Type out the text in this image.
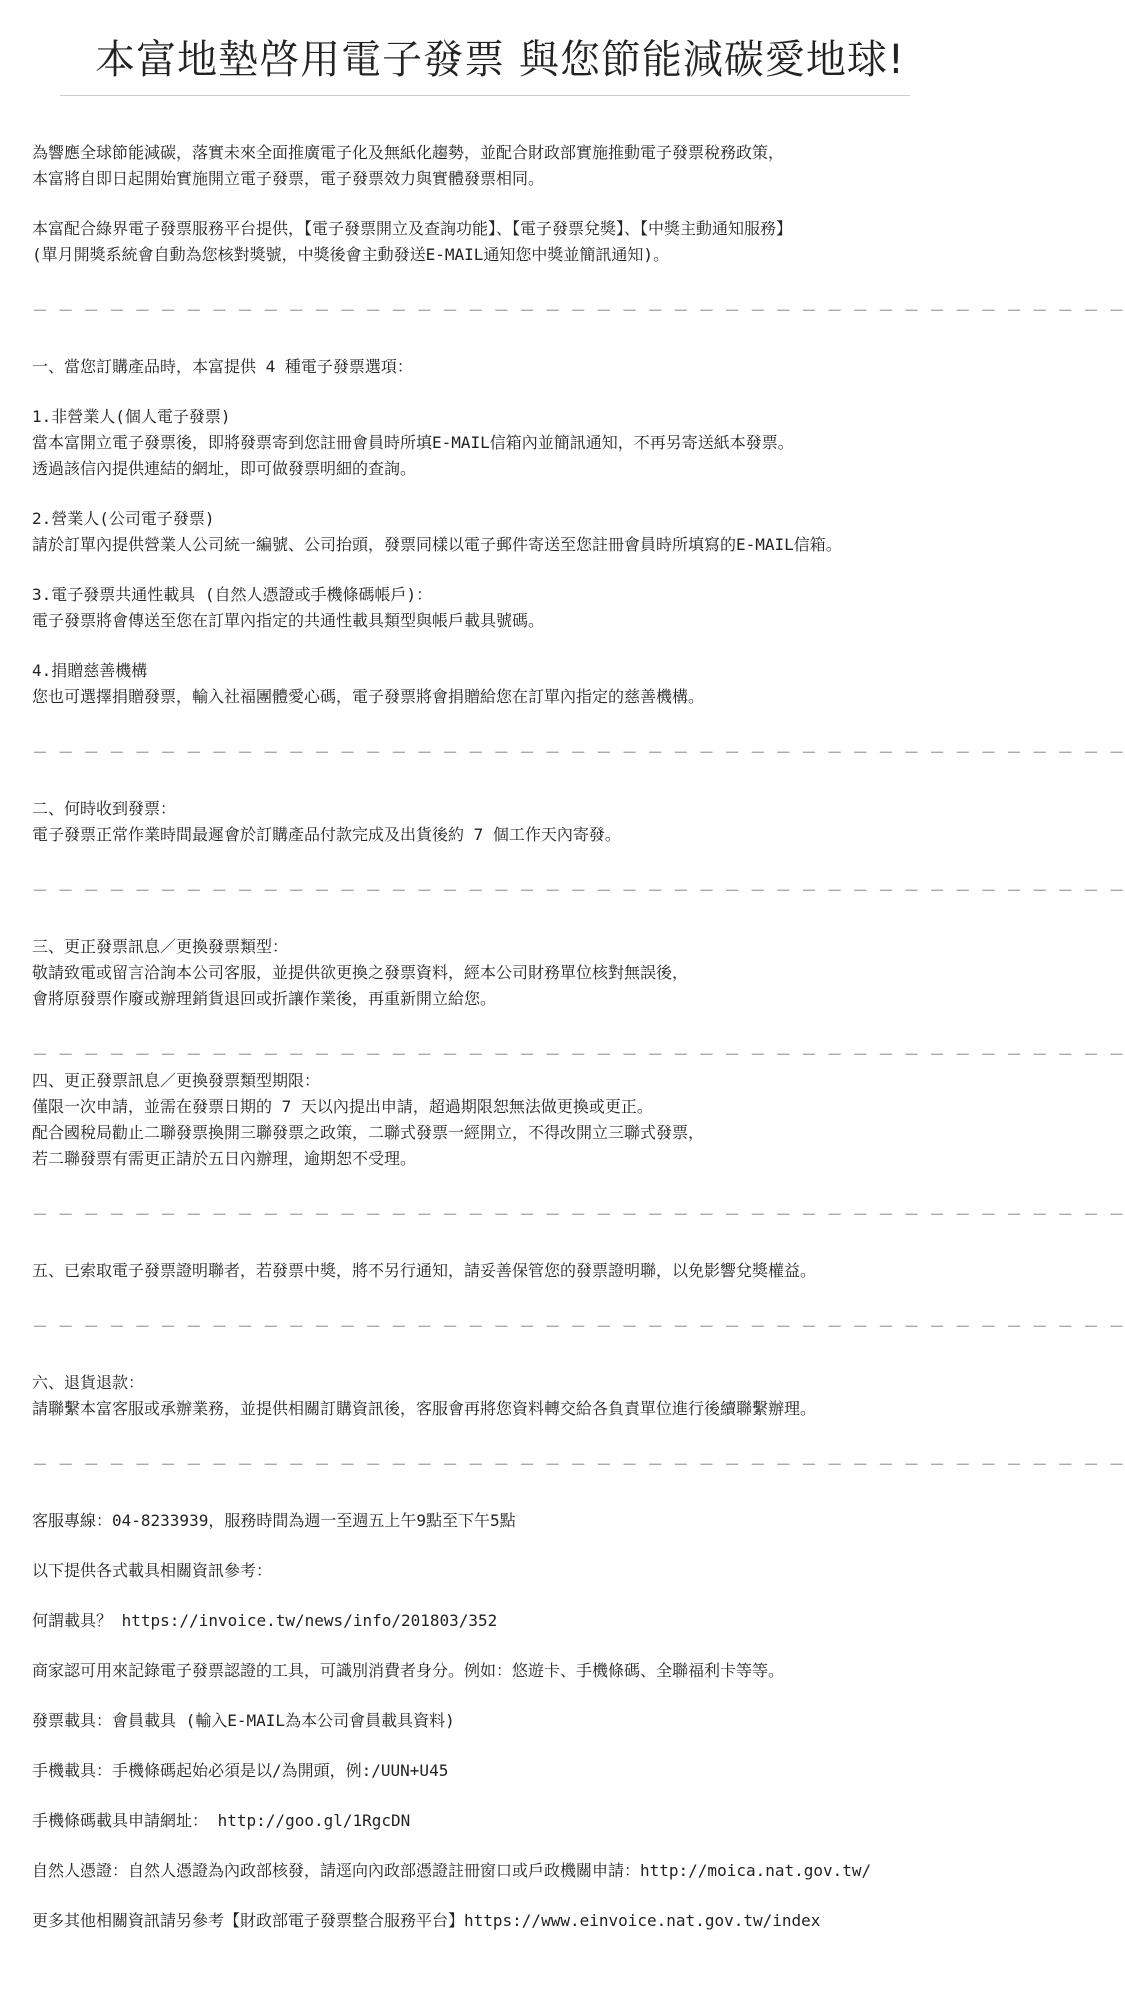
本富地墊啓用電子發票 與您節能減碳愛地球!

為響應全球節能減碳，落實未來全面推廣電子化及無紙化趨勢，並配合財政部實施推動電子發票稅務政策，

本富將自即日起開始實施開立電子發票，電子發票效力與實體發票相同。

本富配合綠界電子發票服務平台提供，【電子發票開立及查詢功能】、【電子發票兌獎】、【中獎主動通知服務】

(單月開獎系統會自動為您核對獎號，中獎後會主動發送E-MAIL通知您中獎並簡訊通知)。

－ － － － － － － － － － － － － － － － － － － － － － － － － － － － － － － － － － － － － － － － － － －

一、當您訂購產品時，本富提供 4 種電子發票選項：

1.非營業人(個人電子發票)

當本富開立電子發票後，即將發票寄到您註冊會員時所填E-MAIL信箱內並簡訊通知，不再另寄送紙本發票。

透過該信內提供連結的網址，即可做發票明細的查詢。

2.營業人(公司電子發票)

請於訂單內提供營業人公司統一編號、公司抬頭，發票同樣以電子郵件寄送至您註冊會員時所填寫的E-MAIL信箱。

3.電子發票共通性載具 (自然人憑證或手機條碼帳戶)：

電子發票將會傳送至您在訂單內指定的共通性載具類型與帳戶載具號碼。

4.捐贈慈善機構

您也可選擇捐贈發票，輸入社福團體愛心碼，電子發票將會捐贈給您在訂單內指定的慈善機構。

－ － － － － － － － － － － － － － － － － － － － － － － － － － － － － － － － － － － － － － － － － － －

二、何時收到發票：

電子發票正常作業時間最遲會於訂購產品付款完成及出貨後約 7 個工作天內寄發。

－ － － － － － － － － － － － － － － － － － － － － － － － － － － － － － － － － － － － － － － － － － －

三、更正發票訊息／更換發票類型：

敬請致電或留言洽詢本公司客服，並提供欲更換之發票資料，經本公司財務單位核對無誤後，

會將原發票作廢或辦理銷貨退回或折讓作業後，再重新開立給您。

－ － － － － － － － － － － － － － － － － － － － － － － － － － － － － － － － － － － － － － － － － － －

四、更正發票訊息／更換發票類型期限：

僅限一次申請，並需在發票日期的 7 天以內提出申請，超過期限恕無法做更換或更正。

配合國稅局勸止二聯發票換開三聯發票之政策，二聯式發票一經開立，不得改開立三聯式發票，

若二聯發票有需更正請於五日內辦理，逾期恕不受理。

－ － － － － － － － － － － － － － － － － － － － － － － － － － － － － － － － － － － － － － － － － － －

五、已索取電子發票證明聯者，若發票中獎，將不另行通知，請妥善保管您的發票證明聯，以免影響兌獎權益。

－ － － － － － － － － － － － － － － － － － － － － － － － － － － － － － － － － － － － － － － － － － －

六、退貨退款：

請聯繫本富客服或承辦業務，並提供相關訂購資訊後，客服會再將您資料轉交給各負責單位進行後續聯繫辦理。

－ － － － － － － － － － － － － － － － － － － － － － － － － － － － － － － － － － － － － － － － － － －

客服專線：04-8233939，服務時間為週一至週五上午9點至下午5點

以下提供各式載具相關資訊參考：

何謂載具？ https://invoice.tw/news/info/201803/352

商家認可用來記錄電子發票認證的工具，可識別消費者身分。例如：悠遊卡、手機條碼、全聯福利卡等等。

發票載具：會員載具 (輸入E-MAIL為本公司會員載具資料)

手機載具：手機條碼起始必須是以/為開頭，例:/UUN+U45

手機條碼載具申請網址： http://goo.gl/1RgcDN

自然人憑證：自然人憑證為內政部核發，請逕向內政部憑證註冊窗口或戶政機關申請：http://moica.nat.gov.tw/

更多其他相關資訊請另參考【財政部電子發票整合服務平台】https://www.einvoice.nat.gov.tw/index
